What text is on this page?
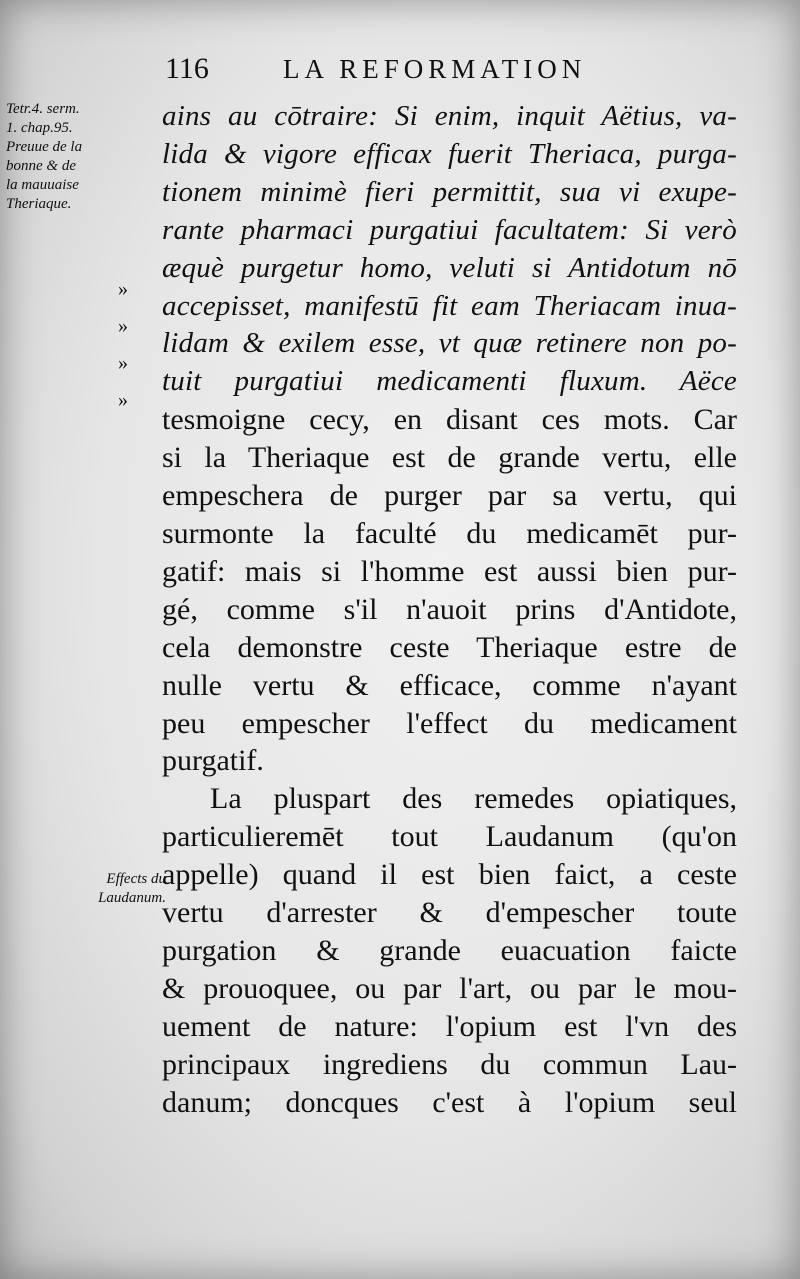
116	LA REFORMATION
Tetr.4. serm.
1. chap.95.
Preuue de la
bonne & de
la mauuaise
Theriaque.
»
»
»
»
ains au cōtraire: Si enim, inquit Aëtius, va-
lida & vigore efficax fuerit Theriaca, purga-
tionem minimè fieri permittit, sua vi exupe-
rante pharmaci purgatiui facultatem: Si verò
æquè purgetur homo, veluti si Antidotum nō
accepisset, manifestū fit eam Theriacam inua-
lidam & exilem esse, vt quæ retinere non po-
tuit purgatiui medicamenti fluxum. Aëce
tesmoigne cecy, en disant ces mots. Car
si la Theriaque est de grande vertu, elle
empeschera de purger par sa vertu, qui
surmonte la faculté du medicamēt pur-
gatif: mais si l'homme est aussi bien pur-
gé, comme s'il n'auoit prins d'Antidote,
cela demonstre ceste Theriaque estre de
nulle vertu & efficace, comme n'ayant
peu empescher l'effect du medicament
purgatif.
La pluspart des remedes opiatiques,
particulieremēt tout Laudanum (qu'on
appelle) quand il est bien faict, a ceste
vertu d'arrester & d'empescher toute
purgation & grande euacuation faicte
& prouoquee, ou par l'art, ou par le mou-
uement de nature: l'opium est l'vn des
principaux ingrediens du commun Lau-
danum; doncques c'est à l'opium seul
Effects du
Laudanum.
